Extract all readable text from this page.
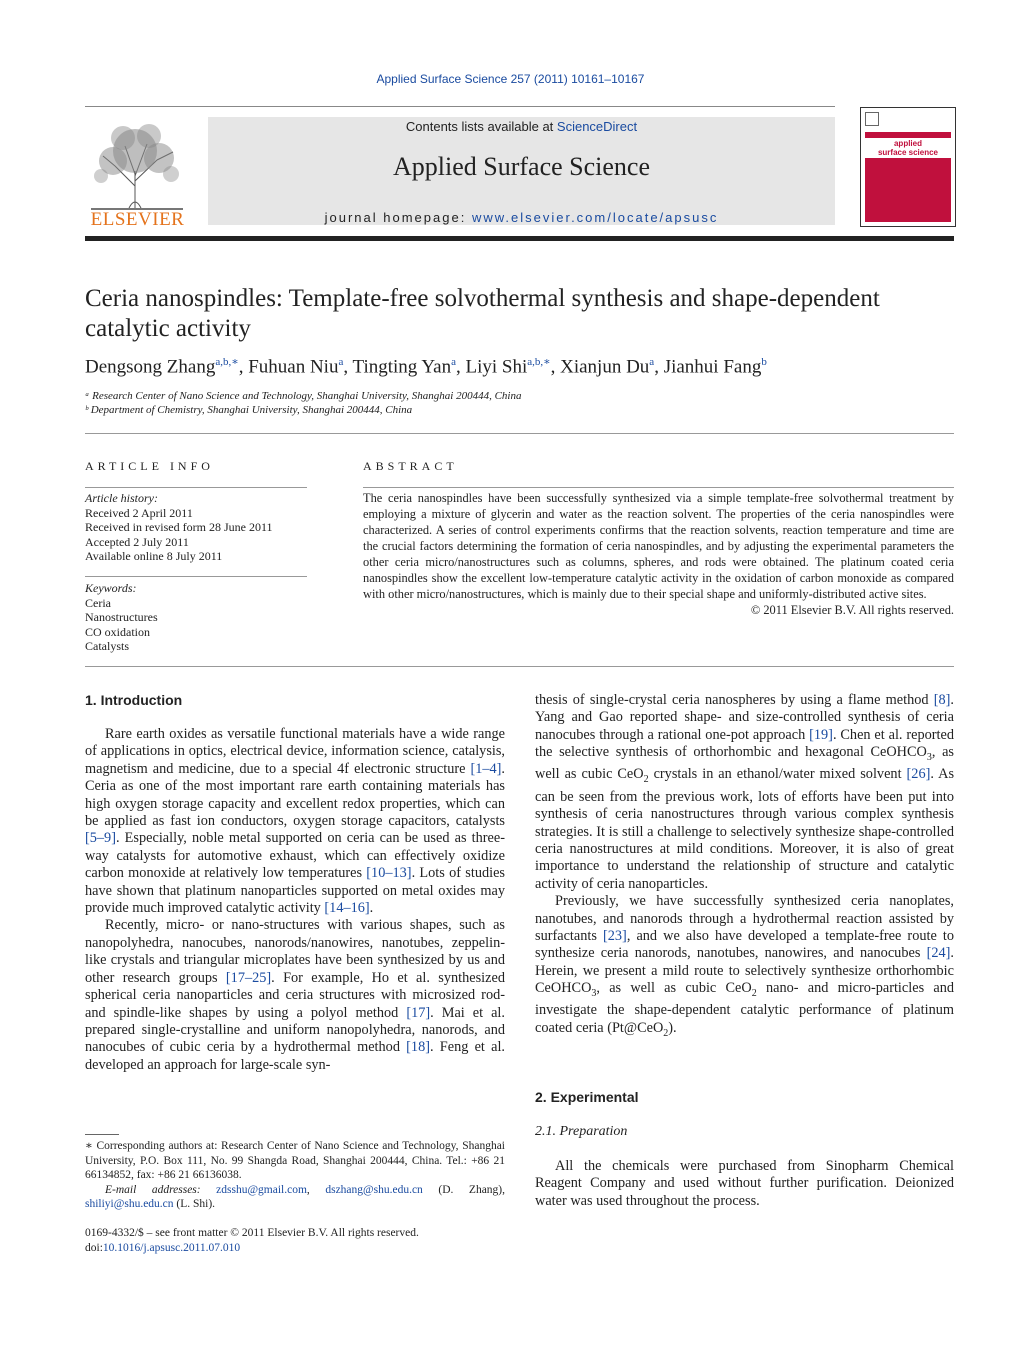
Applied Surface Science 257 (2011) 10161–10167
ELSEVIER
Contents lists available at ScienceDirect
Applied Surface Science
journal homepage: www.elsevier.com/locate/apsusc
applied
surface science
Ceria nanospindles: Template-free solvothermal synthesis and shape-dependent catalytic activity
Dengsong Zhang$^{a,b,∗}$, Fuhuan Niu$^a$, Tingting Yan$^a$, Liyi Shi$^{a,b,∗}$, Xianjun Du$^a$, Jianhui Fang$^b$
ᵃ Research Center of Nano Science and Technology, Shanghai University, Shanghai 200444, China
ᵇ Department of Chemistry, Shanghai University, Shanghai 200444, China
ARTICLE INFO
Article history:
Received 2 April 2011
Received in revised form 28 June 2011
Accepted 2 July 2011
Available online 8 July 2011
Keywords:
Ceria
Nanostructures
CO oxidation
Catalysts
ABSTRACT
The ceria nanospindles have been successfully synthesized via a simple template-free solvothermal treatment by employing a mixture of glycerin and water as the reaction solvent. The properties of the ceria nanospindles were characterized. A series of control experiments confirms that the reaction solvents, reaction temperature and time are the crucial factors determining the formation of ceria nanospindles, and by adjusting the experimental parameters the other ceria micro/nanostructures such as columns, spheres, and rods were obtained. The platinum coated ceria nanospindles show the excellent low-temperature catalytic activity in the oxidation of carbon monoxide as compared with other micro/nanostructures, which is mainly due to their special shape and uniformly-distributed active sites.
© 2011 Elsevier B.V. All rights reserved.
1. Introduction

Rare earth oxides as versatile functional materials have a wide range of applications in optics, electrical device, information science, catalysis, magnetism and medicine, due to a special 4f electronic structure [1–4]. Ceria as one of the most important rare earth containing materials has high oxygen storage capacity and excellent redox properties, which can be applied as fast ion conductors, oxygen storage capacitors, catalysts [5–9]. Especially, noble metal supported on ceria can be used as three-way catalysts for automotive exhaust, which can effectively oxidize carbon monoxide at relatively low temperatures [10–13]. Lots of studies have shown that platinum nanoparticles supported on metal oxides may provide much improved catalytic activity [14–16].

Recently, micro- or nano-structures with various shapes, such as nanopolyhedra, nanocubes, nanorods/nanowires, nanotubes, zeppelin-like crystals and triangular microplates have been synthesized by us and other research groups [17–25]. For example, Ho et al. synthesized spherical ceria nanoparticles and ceria structures with microsized rod- and spindle-like shapes by using a polyol method [17]. Mai et al. prepared single-crystalline and uniform nanopolyhedra, nanorods, and nanocubes of cubic ceria by a hydrothermal method [18]. Feng et al. developed an approach for large-scale syn-

∗ Corresponding authors at: Research Center of Nano Science and Technology, Shanghai University, P.O. Box 111, No. 99 Shangda Road, Shanghai 200444, China. Tel.: +86 21 66134852, fax: +86 21 66136038.
E-mail addresses: zdsshu@gmail.com, dszhang@shu.edu.cn (D. Zhang), shiliyi@shu.edu.cn (L. Shi).
0169-4332/$ – see front matter © 2011 Elsevier B.V. All rights reserved.
doi:10.1016/j.apsusc.2011.07.010

thesis of single-crystal ceria nanospheres by using a flame method [8]. Yang and Gao reported shape- and size-controlled synthesis of ceria nanocubes through a rational one-pot approach [19]. Chen et al. reported the selective synthesis of orthorhombic and hexagonal CeOHCO$_3$, as well as cubic CeO$_2$ crystals in an ethanol/water mixed solvent [26]. As can be seen from the previous work, lots of efforts have been put into synthesis of ceria nanostructures through various complex synthesis strategies. It is still a challenge to selectively synthesize shape-controlled ceria nanostructures at mild conditions. Moreover, it is also of great importance to understand the relationship of structure and catalytic activity of ceria nanoparticles.

Previously, we have successfully synthesized ceria nanoplates, nanotubes, and nanorods through a hydrothermal reaction assisted by surfactants [23], and we also have developed a template-free route to synthesize ceria nanorods, nanotubes, nanowires, and nanocubes [24]. Herein, we present a mild route to selectively synthesize orthorhombic CeOHCO$_3$, as well as cubic CeO$_2$ nano- and micro-particles and investigate the shape-dependent catalytic performance of platinum coated ceria (Pt@CeO$_2$).

2. Experimental
2.1. Preparation

All the chemicals were purchased from Sinopharm Chemical Reagent Company and used without further purification. Deionized water was used throughout the process.
